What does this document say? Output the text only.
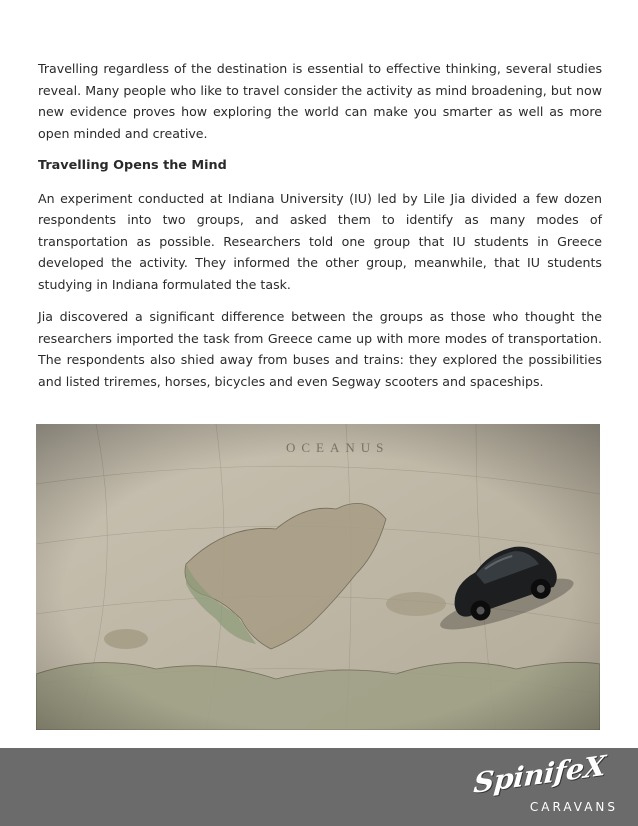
Travelling regardless of the destination is essential to effective thinking, several studies reveal. Many people who like to travel consider the activity as mind broadening, but now new evidence proves how exploring the world can make you smarter as well as more open minded and creative.

Travelling Opens the Mind

An experiment conducted at Indiana University (IU) led by Lile Jia divided a few dozen respondents into two groups, and asked them to identify as many modes of transportation as possible. Researchers told one group that IU students in Greece developed the activity. They informed the other group, meanwhile, that IU students studying in Indiana formulated the task.

Jia discovered a significant difference between the groups as those who thought the researchers imported the task from Greece came up with more modes of transportation. The respondents also shied away from buses and trains: they explored the possibilities and listed triremes, horses, bicycles and even Segway scooters and spaceships.

SpinifeX
CARAVANS
